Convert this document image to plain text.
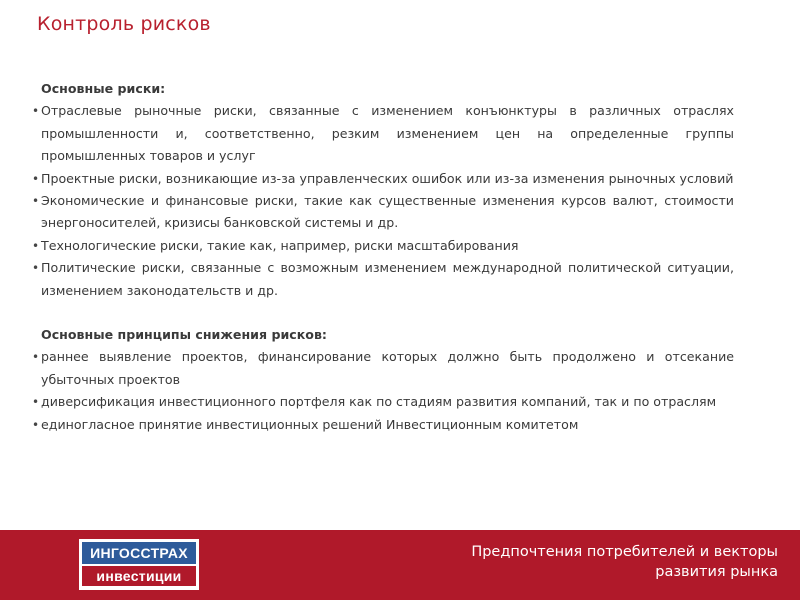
Контроль рисков
Основные риски:
• Отраслевые рыночные риски, связанные с изменением конъюнктуры в различных отраслях промышленности и, соответственно, резким изменением цен на определенные группы промышленных товаров и услуг
• Проектные риски, возникающие из-за управленческих ошибок или из-за изменения рыночных условий
• Экономические и финансовые риски, такие как существенные изменения курсов валют, стоимости энергоносителей, кризисы банковской системы и др.
• Технологические риски, такие как, например, риски масштабирования
• Политические риски, связанные с возможным изменением международной политической ситуации, изменением законодательств и др.
Основные принципы снижения рисков:
• раннее выявление проектов, финансирование которых должно быть продолжено и отсекание убыточных проектов
• диверсификация инвестиционного портфеля как по стадиям развития компаний, так и по отраслям
• единогласное принятие инвестиционных решений Инвестиционным комитетом
ИНГОССТРАХ
инвестиции
Предпочтения потребителей и векторы
развития рынка
